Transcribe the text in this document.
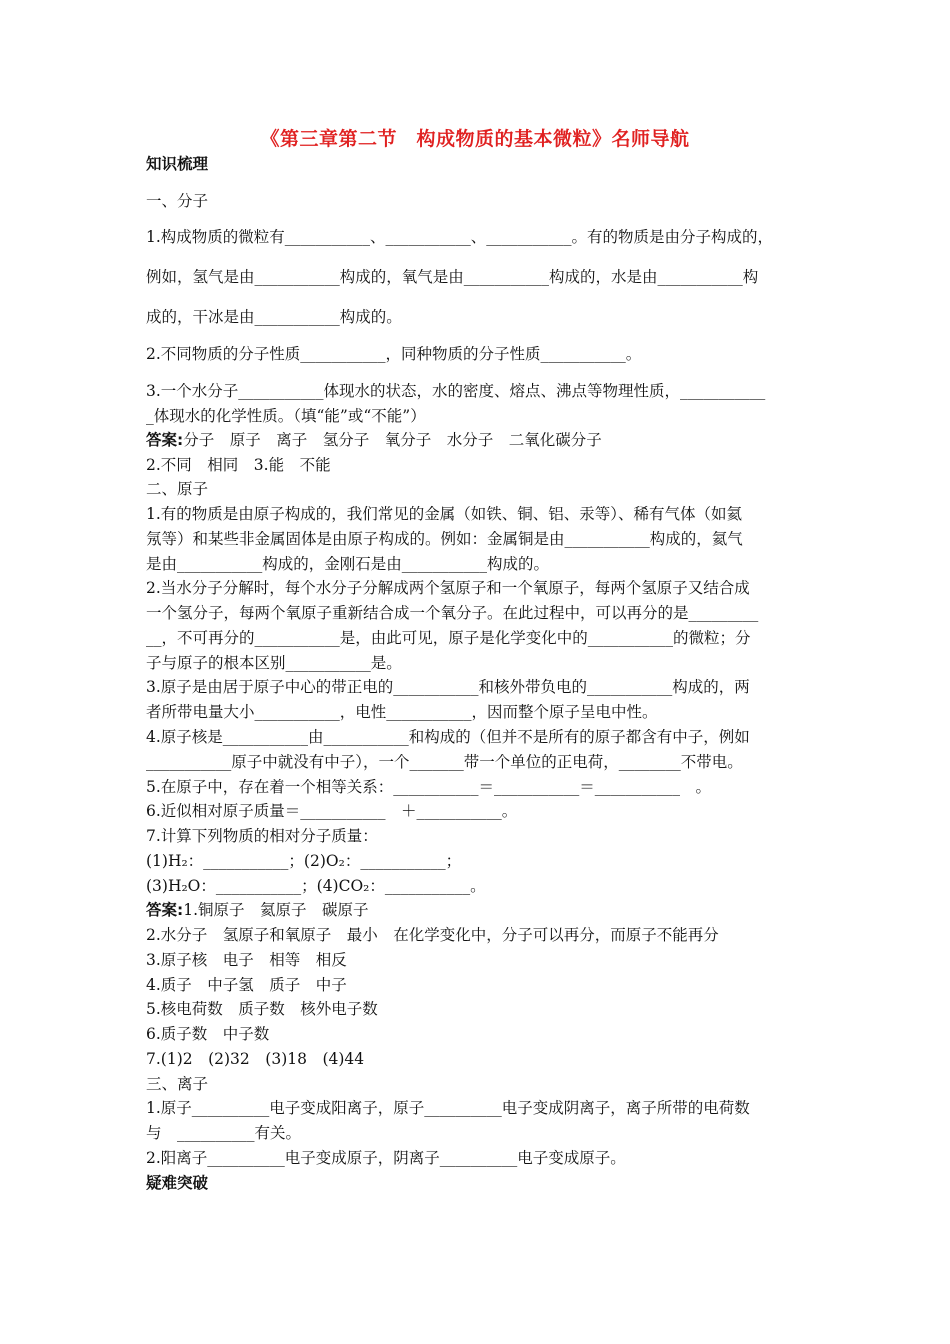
《第三章第二节　构成物质的基本微粒》名师导航

知识梳理

一、分子

1.构成物质的微粒有___________、___________、___________。有的物质是由分子构成的，

例如，氢气是由___________构成的，氧气是由___________构成的，水是由___________构

成的，干冰是由___________构成的。

2.不同物质的分子性质___________，同种物质的分子性质___________。

3.一个水分子___________体现水的状态，水的密度、熔点、沸点等物理性质，___________

_体现水的化学性质。（填“能”或“不能”）

答案:分子　原子　离子　氢分子　氧分子　水分子　二氧化碳分子

2.不同　相同　3.能　不能

二、原子

1.有的物质是由原子构成的，我们常见的金属（如铁、铜、铝、汞等）、稀有气体（如氦

氖等）和某些非金属固体是由原子构成的。例如：金属铜是由___________构成的，氦气

是由___________构成的，金刚石是由___________构成的。

2.当水分子分解时，每个水分子分解成两个氢原子和一个氧原子，每两个氢原子又结合成

一个氢分子，每两个氧原子重新结合成一个氧分子。在此过程中，可以再分的是_________

__，不可再分的___________是，由此可见，原子是化学变化中的___________的微粒；分

子与原子的根本区别___________是。

3.原子是由居于原子中心的带正电的___________和核外带负电的___________构成的，两

者所带电量大小___________，电性___________，因而整个原子呈电中性。

4.原子核是___________由___________和构成的（但并不是所有的原子都含有中子，例如

___________原子中就没有中子），一个_______带一个单位的正电荷，________不带电。

5.在原子中，存在着一个相等关系：___________＝___________＝___________　。

6.近似相对原子质量＝___________　＋___________。

7.计算下列物质的相对分子质量：

(1)H₂：___________；(2)O₂：___________；

(3)H₂O：___________；(4)CO₂：___________。

答案:1.铜原子　氦原子　碳原子

2.水分子　氢原子和氧原子　最小　在化学变化中，分子可以再分，而原子不能再分

3.原子核　电子　相等　相反

4.质子　中子氢　质子　中子

5.核电荷数　质子数　核外电子数

6.质子数　中子数

7.(1)2　(2)32　(3)18　(4)44

三、离子

1.原子__________电子变成阳离子，原子__________电子变成阴离子，离子所带的电荷数

与　__________有关。

2.阳离子__________电子变成原子，阴离子__________电子变成原子。

疑难突破
